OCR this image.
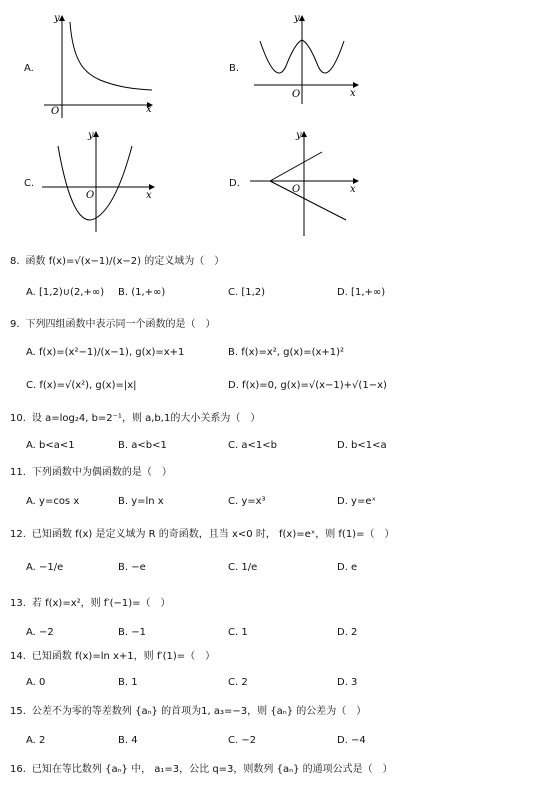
A.	B.
C.	D.
y
x
O
y
x
O
y
x
O
y
x
O
8. 函数 f(x)=√(x−1)/(x−2) 的定义域为（　）
A. [1,2)∪(2,+∞) B. (1,+∞)	C. [1,2)	D. [1,+∞)
9. 下列四组函数中表示同一个函数的是（　）
A. f(x)=(x²−1)/(x−1), g(x)=x+1	B. f(x)=x², g(x)=(x+1)²
C. f(x)=√(x²), g(x)=|x|	D. f(x)=0, g(x)=√(x−1)+√(1−x)
10. 设 a=log₂4, b=2⁻¹，则 a,b,1的大小关系为（　）
A. b<a<1	B. a<b<1	C. a<1<b	D. b<1<a
11. 下列函数中为偶函数的是（　）
A. y=cos x	B. y=ln x	C. y=x³	D. y=eˣ
12. 已知函数 f(x) 是定义域为 R 的奇函数，且当 x<0 时， f(x)=eˣ，则 f(1)=（　）
A. −1/e	B. −e	C. 1/e	D. e
13. 若 f(x)=x²，则 f′(−1)=（　）
A. −2	B. −1	C. 1	D. 2
14. 已知函数 f(x)=ln x+1，则 f′(1)=（　）
A. 0	B. 1	C. 2	D. 3
15. 公差不为零的等差数列 {aₙ} 的首项为1, a₃=−3，则 {aₙ} 的公差为（　）
A. 2	B. 4	C. −2	D. −4
16. 已知在等比数列 {aₙ} 中， a₁=3，公比 q=3，则数列 {aₙ} 的通项公式是（　）
